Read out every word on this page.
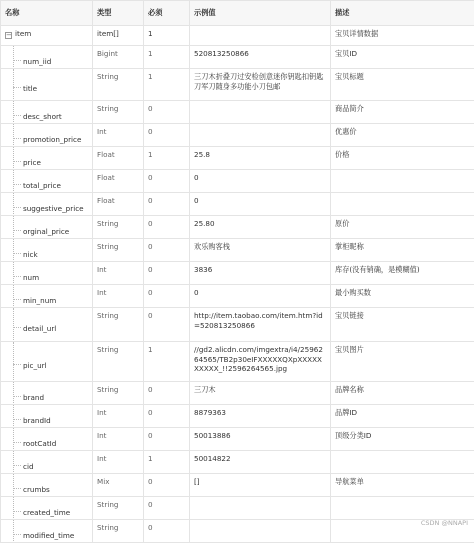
名称	类型	必须	示例值	描述
− item	item[]	1		宝贝详情数据

num_iid	Bigint	1	520813250866	宝贝ID

title	String	1	三刀木折叠刀过安检创意迷你钥匙扣钥匙刀军刀随身多功能小刀包邮	宝贝标题

desc_short	String	0		商品简介

promotion_price	Int	0		优惠价

price	Float	1	25.8	价格

total_price	Float	0	0	

suggestive_price	Float	0	0	

orginal_price	String	0	25.80	原价

nick	String	0	欢乐购客栈	掌柜昵称

num	Int	0	3836	库存(没有销确，是模糊值)

min_num	Int	0	0	最小购买数

detail_url	String	0	http://item.taobao.com/item.htm?id=520813250866	宝贝链接

pic_url	String	1	//gd2.alicdn.com/imgextra/i4/2596264565/TB2p30eIFXXXXXQXpXXXXXXXXXX_!!2596264565.jpg	宝贝图片

brand	String	0	三刀木	品牌名称

brandId	Int	0	8879363	品牌ID

rootCatId	Int	0	50013886	顶级分类ID

cid	Int	1	50014822	

crumbs	Mix	0	[]	导航菜单

created_time	String	0		

modified_time	String	0			CSDN @NNAPI
